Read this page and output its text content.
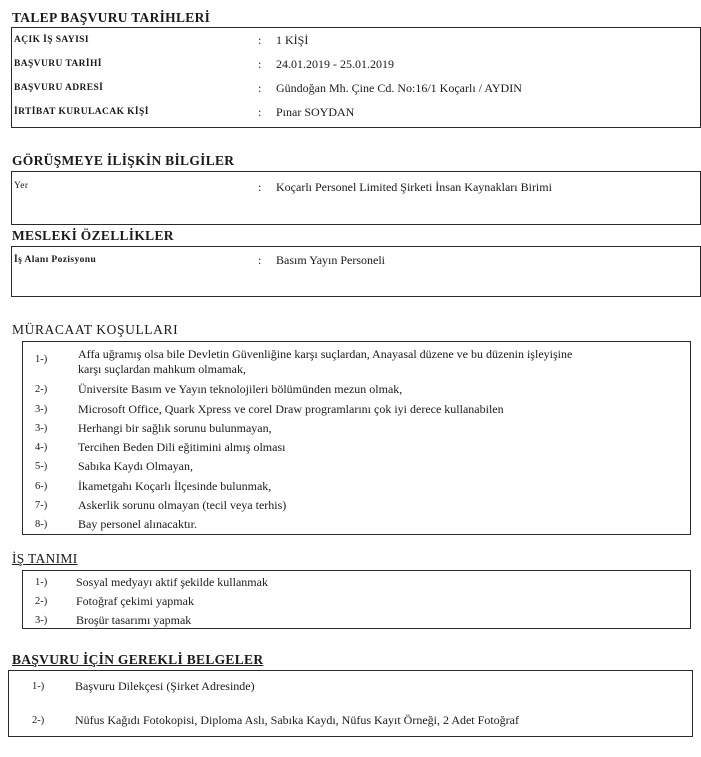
TALEP BAŞVURU TARİHLERİ
AÇIK İŞ SAYISI	: 1 KİŞİ
BAŞVURU TARİHİ	: 24.01.2019 - 25.01.2019
BAŞVURU ADRESİ	: Gündoğan Mh. Çine Cd. No:16/1 Koçarlı / AYDIN
İRTİBAT KURULACAK KİŞİ	: Pınar SOYDAN
GÖRÜŞMEYE İLİŞKİN BİLGİLER
Yer	: Koçarlı Personel Limited Şirketi İnsan Kaynakları Birimi
MESLEKİ ÖZELLİKLER
İş Alanı Pozisyonu	: Basım Yayın Personeli
MÜRACAAT KOŞULLARI
1-)	Affa uğramış olsa bile Devletin Güvenliğine karşı suçlardan, Anayasal düzene ve bu düzenin işleyişine
karşı suçlardan mahkum olmamak,
2-)	Üniversite Basım ve Yayın teknolojileri bölümünden mezun olmak,
3-)	Microsoft Office, Quark Xpress ve corel Draw programlarını çok iyi derece kullanabilen
3-)	Herhangi bir sağlık sorunu bulunmayan,
4-)	Tercihen Beden Dili eğitimini almış olması
5-)	Sabıka Kaydı Olmayan,
6-)	İkametgahı Koçarlı İlçesinde bulunmak,
7-)	Askerlik sorunu olmayan (tecil veya terhis)
8-)	Bay personel alınacaktır.
İŞ TANIMI
1-) Sosyal medyayı aktif şekilde kullanmak
2-) Fotoğraf çekimi yapmak
3-) Broşür tasarımı yapmak
BAŞVURU İÇİN GEREKLİ BELGELER
1-)	Başvuru Dilekçesi (Şirket Adresinde)
2-)	Nüfus Kağıdı Fotokopisi, Diploma Aslı, Sabıka Kaydı, Nüfus Kayıt Örneği, 2 Adet Fotoğraf
